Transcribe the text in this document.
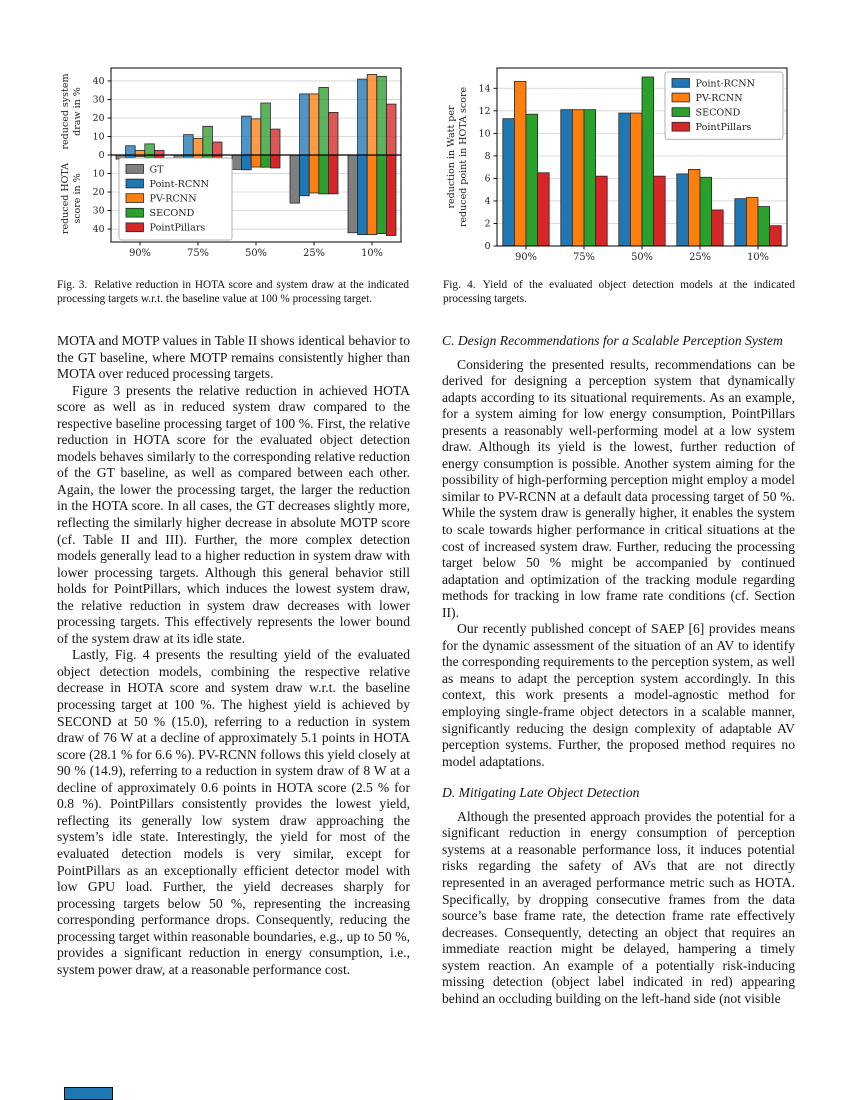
40
30
20
10
0
10
20
30
40
GT
Point-RCNN
PV-RCNN
SECOND
PointPillars
90%	75%	50%	25%	10%
reduced system draw in %
reduced HOTA score in %
Fig. 3. Relative reduction in HOTA score and system draw at the indicated processing targets w.r.t. the baseline value at 100 % processing target.
0
2
4
6
8
10
12
14	Point-RCNN
PV-RCNN
SECOND
PointPillars
90%	75%	50%	25%	10%
reduction in Watt per reduced point in HOTA score
Fig. 4. Yield of the evaluated object detection models at the indicated processing targets.

MOTA and MOTP values in Table II shows identical behavior to the GT baseline, where MOTP remains consistently higher than MOTA over reduced processing targets.

Figure 3 presents the relative reduction in achieved HOTA score as well as in reduced system draw compared to the respective baseline processing target of 100 %. First, the relative reduction in HOTA score for the evaluated object detection models behaves similarly to the corresponding relative reduction of the GT baseline, as well as compared between each other. Again, the lower the processing target, the larger the reduction in the HOTA score. In all cases, the GT decreases slightly more, reflecting the similarly higher decrease in absolute MOTP score (cf. Table II and III). Further, the more complex detection models generally lead to a higher reduction in system draw with lower processing targets. Although this general behavior still holds for PointPillars, which induces the lowest system draw, the relative reduction in system draw decreases with lower processing targets. This effectively represents the lower bound of the system draw at its idle state.

Lastly, Fig. 4 presents the resulting yield of the evaluated object detection models, combining the respective relative decrease in HOTA score and system draw w.r.t. the baseline processing target at 100 %. The highest yield is achieved by SECOND at 50 % (15.0), referring to a reduction in system draw of 76 W at a decline of approximately 5.1 points in HOTA score (28.1 % for 6.6 %). PV-RCNN follows this yield closely at 90 % (14.9), referring to a reduction in system draw of 8 W at a decline of approximately 0.6 points in HOTA score (2.5 % for 0.8 %). PointPillars consistently provides the lowest yield, reflecting its generally low system draw approaching the system’s idle state. Interestingly, the yield for most of the evaluated detection models is very similar, except for PointPillars as an exceptionally efficient detector model with low GPU load. Further, the yield decreases sharply for processing targets below 50 %, representing the increasing corresponding performance drops. Consequently, reducing the processing target within reasonable boundaries, e.g., up to 50 %, provides a significant reduction in energy consumption, i.e., system power draw, at a reasonable performance cost.

C. Design Recommendations for a Scalable Perception System

Considering the presented results, recommendations can be derived for designing a perception system that dynamically adapts according to its situational requirements. As an example, for a system aiming for low energy consumption, PointPillars presents a reasonably well-performing model at a low system draw. Although its yield is the lowest, further reduction of energy consumption is possible. Another system aiming for the possibility of high-performing perception might employ a model similar to PV-RCNN at a default data processing target of 50 %. While the system draw is generally higher, it enables the system to scale towards higher performance in critical situations at the cost of increased system draw. Further, reducing the processing target below 50 % might be accompanied by continued adaptation and optimization of the tracking module regarding methods for tracking in low frame rate conditions (cf. Section II).

Our recently published concept of SAEP [6] provides means for the dynamic assessment of the situation of an AV to identify the corresponding requirements to the perception system, as well as means to adapt the perception system accordingly. In this context, this work presents a model-agnostic method for employing single-frame object detectors in a scalable manner, significantly reducing the design complexity of adaptable AV perception systems. Further, the proposed method requires no model adaptations.

D. Mitigating Late Object Detection

Although the presented approach provides the potential for a significant reduction in energy consumption of perception systems at a reasonable performance loss, it induces potential risks regarding the safety of AVs that are not directly represented in an averaged performance metric such as HOTA. Specifically, by dropping consecutive frames from the data source’s base frame rate, the detection frame rate effectively decreases. Consequently, detecting an object that requires an immediate reaction might be delayed, hampering a timely system reaction. An example of a potentially risk-inducing missing detection (object label indicated in red) appearing behind an occluding building on the left-hand side (not visible
